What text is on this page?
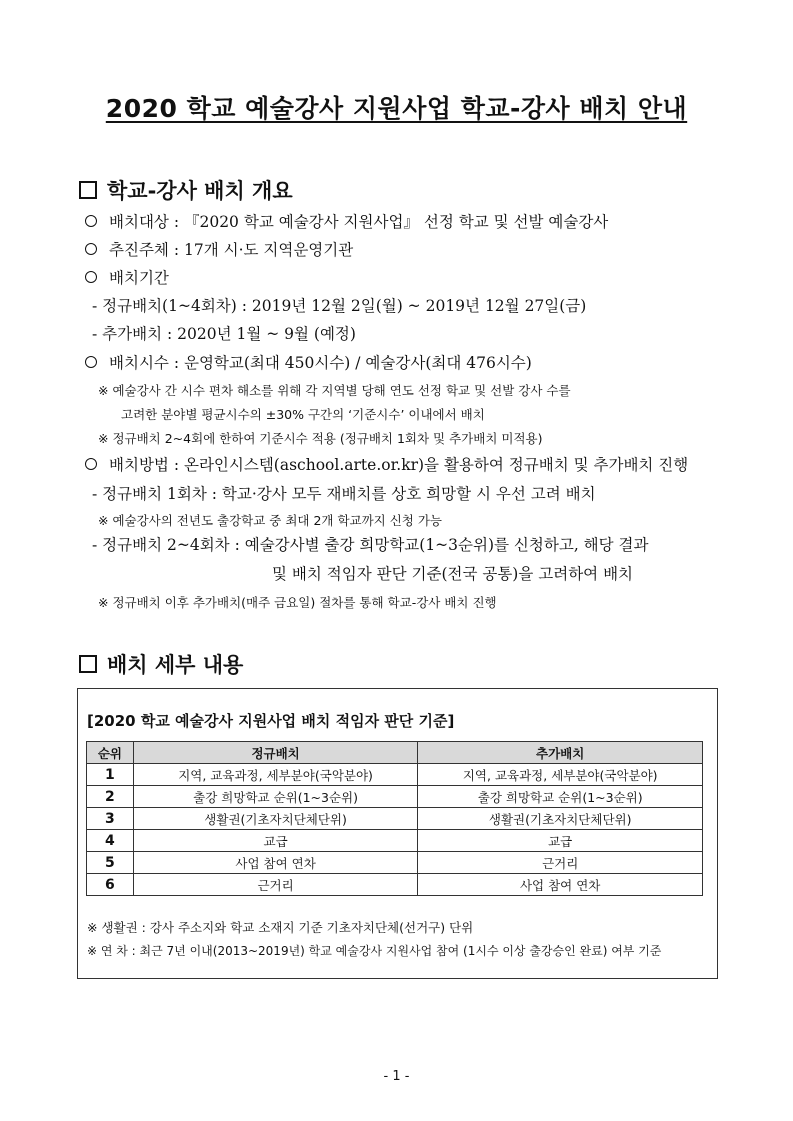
2020 학교 예술강사 지원사업 학교-강사 배치 안내
학교-강사 배치 개요
배치대상 : 『2020 학교 예술강사 지원사업』 선정 학교 및 선발 예술강사
추진주체 : 17개 시·도 지역운영기관
배치기간
- 정규배치(1~4회차) : 2019년 12월 2일(월) ~ 2019년 12월 27일(금)
- 추가배치 : 2020년 1월 ~ 9월 (예정)
배치시수 : 운영학교(최대 450시수) / 예술강사(최대 476시수)
※ 예술강사 간 시수 편차 해소를 위해 각 지역별 당해 연도 선정 학교 및 선발 강사 수를
고려한 분야별 평균시수의 ±30% 구간의 ‘기준시수’ 이내에서 배치
※ 정규배치 2~4회에 한하여 기준시수 적용 (정규배치 1회차 및 추가배치 미적용)
배치방법 : 온라인시스템(aschool.arte.or.kr)을 활용하여 정규배치 및 추가배치 진행
- 정규배치 1회차 : 학교·강사 모두 재배치를 상호 희망할 시 우선 고려 배치
※ 예술강사의 전년도 출강학교 중 최대 2개 학교까지 신청 가능
- 정규배치 2~4회차 : 예술강사별 출강 희망학교(1~3순위)를 신청하고, 해당 결과
및 배치 적임자 판단 기준(전국 공통)을 고려하여 배치
※ 정규배치 이후 추가배치(매주 금요일) 절차를 통해 학교-강사 배치 진행
배치 세부 내용
[2020 학교 예술강사 지원사업 배치 적임자 판단 기준]
순위	정규배치	추가배치
1	지역, 교육과정, 세부분야(국악분야)	지역, 교육과정, 세부분야(국악분야)
2	출강 희망학교 순위(1~3순위)	출강 희망학교 순위(1~3순위)
3	생활권(기초자치단체단위)	생활권(기초자치단체단위)
4	교급	교급
5	사업 참여 연차	근거리
6	근거리	사업 참여 연차
※ 생활권 : 강사 주소지와 학교 소재지 기준 기초자치단체(선거구) 단위
※ 연 차 : 최근 7년 이내(2013~2019년) 학교 예술강사 지원사업 참여 (1시수 이상 출강승인 완료) 여부 기준
- 1 -
